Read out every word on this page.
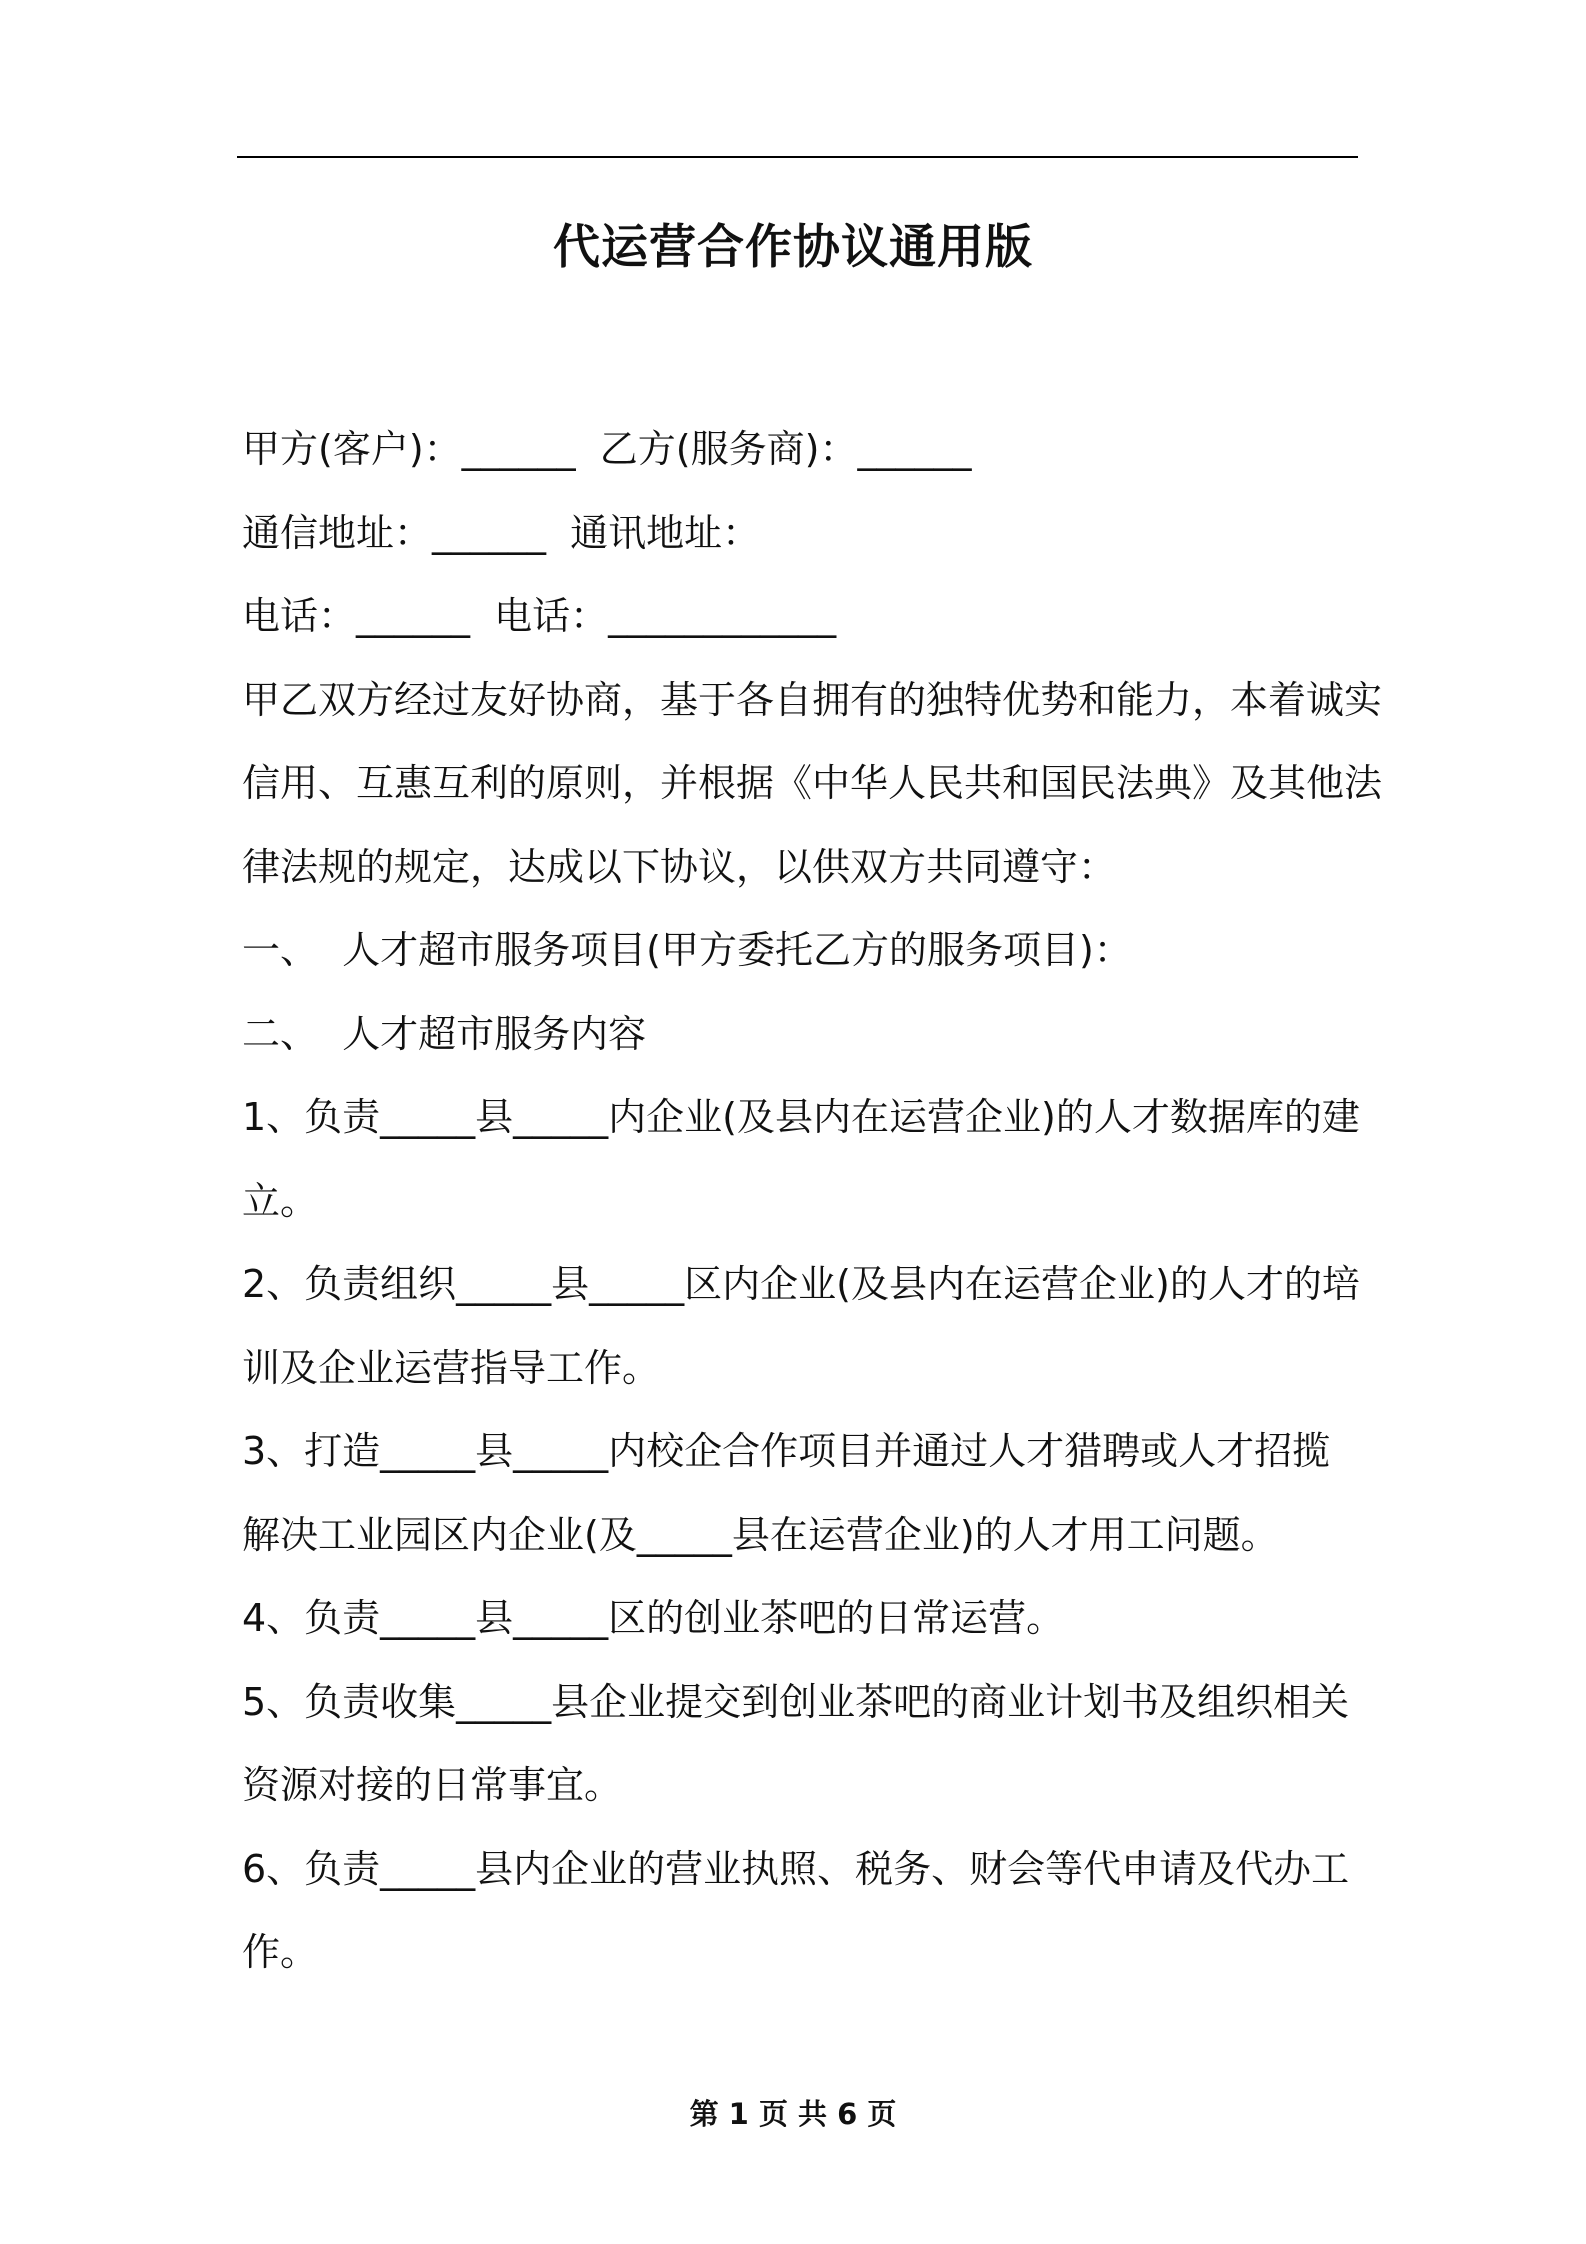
代运营合作协议通用版
甲方(客户)：______  乙方(服务商)：______
通信地址：______  通讯地址：
电话：______  电话：____________
甲乙双方经过友好协商，基于各自拥有的独特优势和能力，本着诚实
信用、互惠互利的原则，并根据《中华人民共和国民法典》及其他法
律法规的规定，达成以下协议，以供双方共同遵守：
一、  人才超市服务项目(甲方委托乙方的服务项目)：
二、  人才超市服务内容
1、负责_____县_____内企业(及县内在运营企业)的人才数据库的建
立。
2、负责组织_____县_____区内企业(及县内在运营企业)的人才的培
训及企业运营指导工作。
3、打造_____县_____内校企合作项目并通过人才猎聘或人才招揽
解决工业园区内企业(及_____县在运营企业)的人才用工问题。
4、负责_____县_____区的创业茶吧的日常运营。
5、负责收集_____县企业提交到创业茶吧的商业计划书及组织相关
资源对接的日常事宜。
6、负责_____县内企业的营业执照、税务、财会等代申请及代办工
作。
第 1 页 共 6 页
